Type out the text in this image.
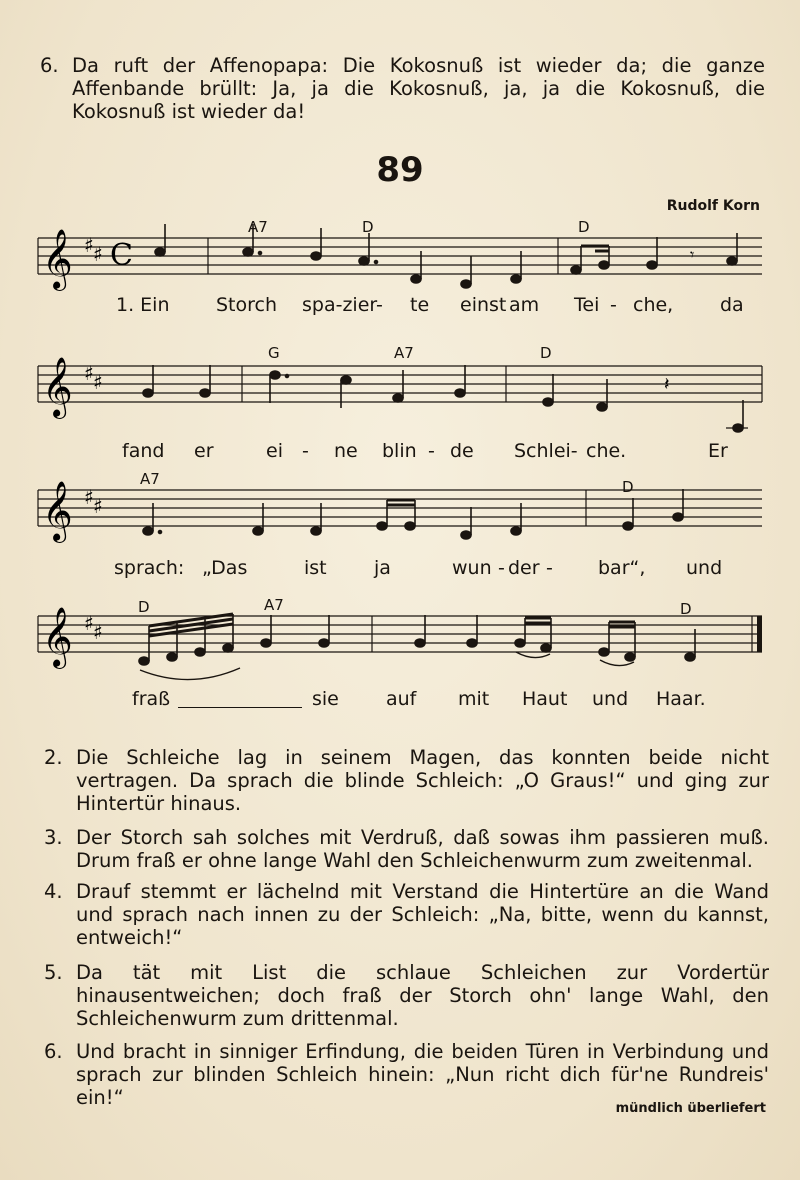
6. Da ruft der Affenopapa: Die Kokosnuß ist wieder da; die ganze Affenbande brüllt: Ja, ja die Kokosnuß, ja, ja die Kokosnuß, die Kokosnuß ist wieder da!
89
Rudolf Korn
𝄞 ♯ ♯ C	𝄾
A7	D	D
1. Ein Storch spa-zier- te einst am Tei - che, da
𝄞 ♯ ♯	𝄽
G	A7	D
fand er	ei - ne blin - de Schlei- che.	Er
𝄞 ♯ ♯
A7	D
sprach: „Das	ist ja	wun - der - bar“, und
𝄞 ♯ ♯
D	A7	D
fraß	sie auf mit Haut und Haar.
2. Die Schleiche lag in seinem Magen, das konnten beide nicht vertragen. Da sprach die blinde Schleich: „O Graus!“ und ging zur Hintertür hinaus.
3. Der Storch sah solches mit Verdruß, daß sowas ihm passieren muß. Drum fraß er ohne lange Wahl den Schleichenwurm zum zweitenmal.
4. Drauf stemmt er lächelnd mit Verstand die Hintertüre an die Wand und sprach nach innen zu der Schleich: „Na, bitte, wenn du kannst, entweich!“
5. Da tät mit List die schlaue Schleichen zur Vordertür hinausentweichen; doch fraß der Storch ohn' lange Wahl, den Schleichenwurm zum drittenmal.
6. Und bracht in sinniger Erfindung, die beiden Türen in Verbindung und sprach zur blinden Schleich hinein: „Nun richt dich für'ne Rundreis' ein!“	mündlich überliefert
